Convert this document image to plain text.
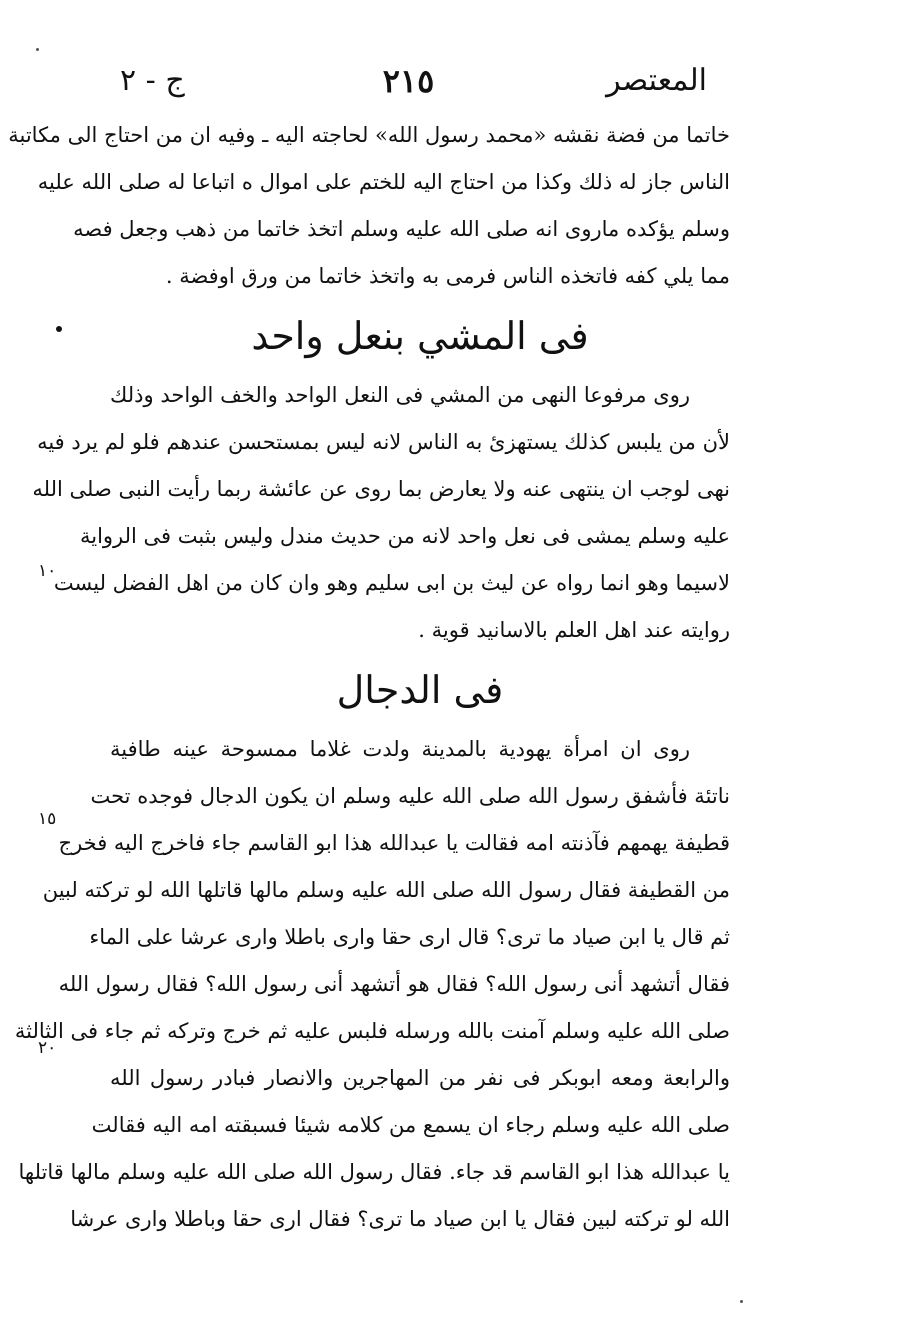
المعتصر
٢١٥
ج - ٢
١٠
١٥
٢٠
خاتما من فضة نقشه «محمد رسول الله» لحاجته اليه ـ وفيه ان من احتاج الى مكاتبة
الناس جاز له ذلك وكذا من احتاج اليه للختم على اموال ه اتباعا له صلى الله عليه
وسلم يؤكده ماروى انه صلى الله عليه وسلم اتخذ خاتما من ذهب وجعل فصه
مما يلي كفه فاتخذه الناس فرمى به واتخذ خاتما من ورق اوفضة .
فى المشي بنعل واحد
روى مرفوعا النهى من المشي فى النعل الواحد والخف الواحد وذلك
لأن من يلبس كذلك يستهزئ به الناس لانه ليس بمستحسن عندهم فلو لم يرد فيه
نهى لوجب ان ينتهى عنه ولا يعارض بما روى عن عائشة ربما رأيت النبى صلى الله
عليه وسلم يمشى فى نعل واحد لانه من حديث مندل وليس بثبت فى الرواية
لاسيما وهو انما رواه عن ليث بن ابى سليم وهو وان كان من اهل الفضل ليست
روايته عند اهل العلم بالاسانيد قوية .
فى الدجال
روى ان امرأة يهودية بالمدينة ولدت غلاما ممسوحة عينه طافية
ناتئة فأشفق رسول الله صلى الله عليه وسلم ان يكون الدجال فوجده تحت
قطيفة يهمهم فآذنته امه فقالت يا عبدالله هذا ابو القاسم جاء فاخرج اليه فخرج
من القطيفة فقال رسول الله صلى الله عليه وسلم مالها قاتلها الله لو تركته لبين
ثم قال يا ابن صياد ما ترى؟ قال ارى حقا وارى باطلا وارى عرشا على الماء
فقال أتشهد أنى رسول الله؟ فقال هو أتشهد أنى رسول الله؟ فقال رسول الله
صلى الله عليه وسلم آمنت بالله ورسله فلبس عليه ثم خرج وتركه ثم جاء فى الثالثة
والرابعة ومعه ابوبكر فى نفر من المهاجرين والانصار فبادر رسول الله
صلى الله عليه وسلم رجاء ان يسمع من كلامه شيئا فسبقته امه اليه فقالت
يا عبدالله هذا ابو القاسم قد جاء. فقال رسول الله صلى الله عليه وسلم مالها قاتلها
الله لو تركته لبين فقال يا ابن صياد ما ترى؟ فقال ارى حقا وباطلا وارى عرشا
